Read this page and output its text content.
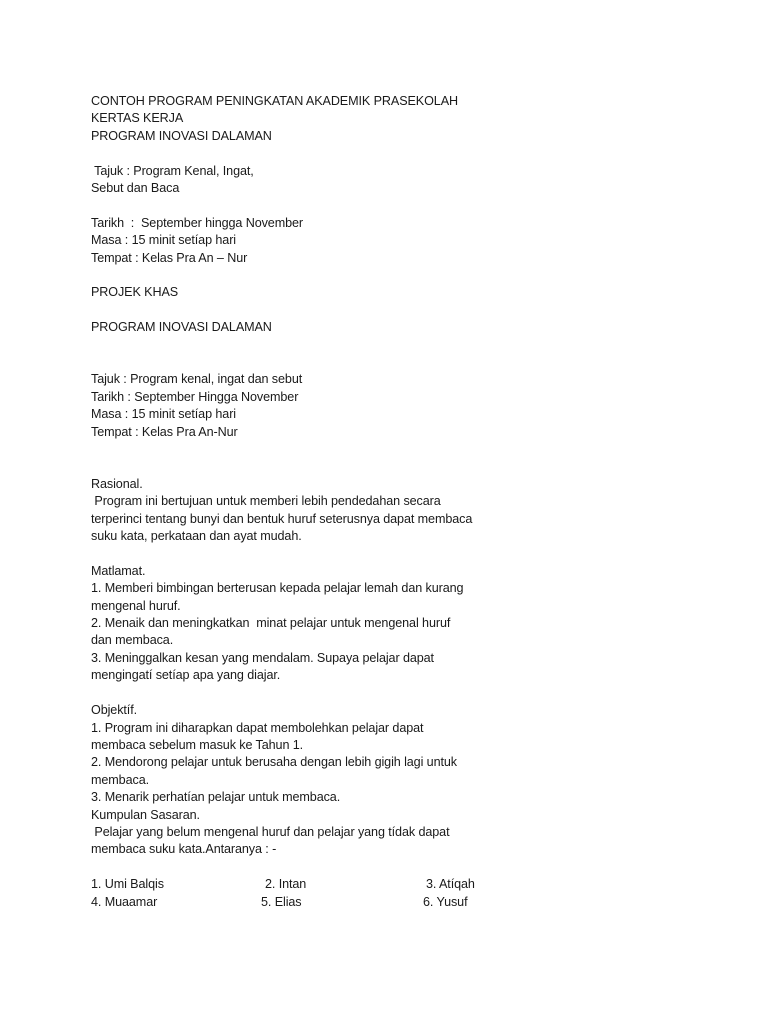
CONTOH PROGRAM PENINGKATAN AKADEMIK PRASEKOLAH
KERTAS KERJA
PROGRAM INOVASI DALAMAN
Tajuk : Program Kenal, Ingat,
Sebut dan Baca
Tarikh  :  September hingga November
Masa : 15 minit setíap hari
Tempat : Kelas Pra An – Nur
PROJEK KHAS
PROGRAM INOVASI DALAMAN
Tajuk : Program kenal, ingat dan sebut
Tarikh : September Hingga November
Masa : 15 minit setíap hari
Tempat : Kelas Pra An-Nur
Rasional.
Program ini bertujuan untuk memberi lebih pendedahan secara
terperinci tentang bunyi dan bentuk huruf seterusnya dapat membaca
suku kata, perkataan dan ayat mudah.
Matlamat.
1. Memberi bimbingan berterusan kepada pelajar lemah dan kurang
mengenal huruf.
2. Menaik dan meningkatkan  minat pelajar untuk mengenal huruf
dan membaca.
3. Meninggalkan kesan yang mendalam. Supaya pelajar dapat
mengingatí setíap apa yang diajar.
Objektíf.
1. Program ini diharapkan dapat membolehkan pelajar dapat
membaca sebelum masuk ke Tahun 1.
2. Mendorong pelajar untuk berusaha dengan lebih gigih lagi untuk
membaca.
3. Menarik perhatían pelajar untuk membaca.
Kumpulan Sasaran.
Pelajar yang belum mengenal huruf dan pelajar yang tídak dapat
membaca suku kata.Antaranya : -
1. Umi Balqis	2. Intan	3. Atíqah
4. Muaamar	5. Elias	6. Yusuf
